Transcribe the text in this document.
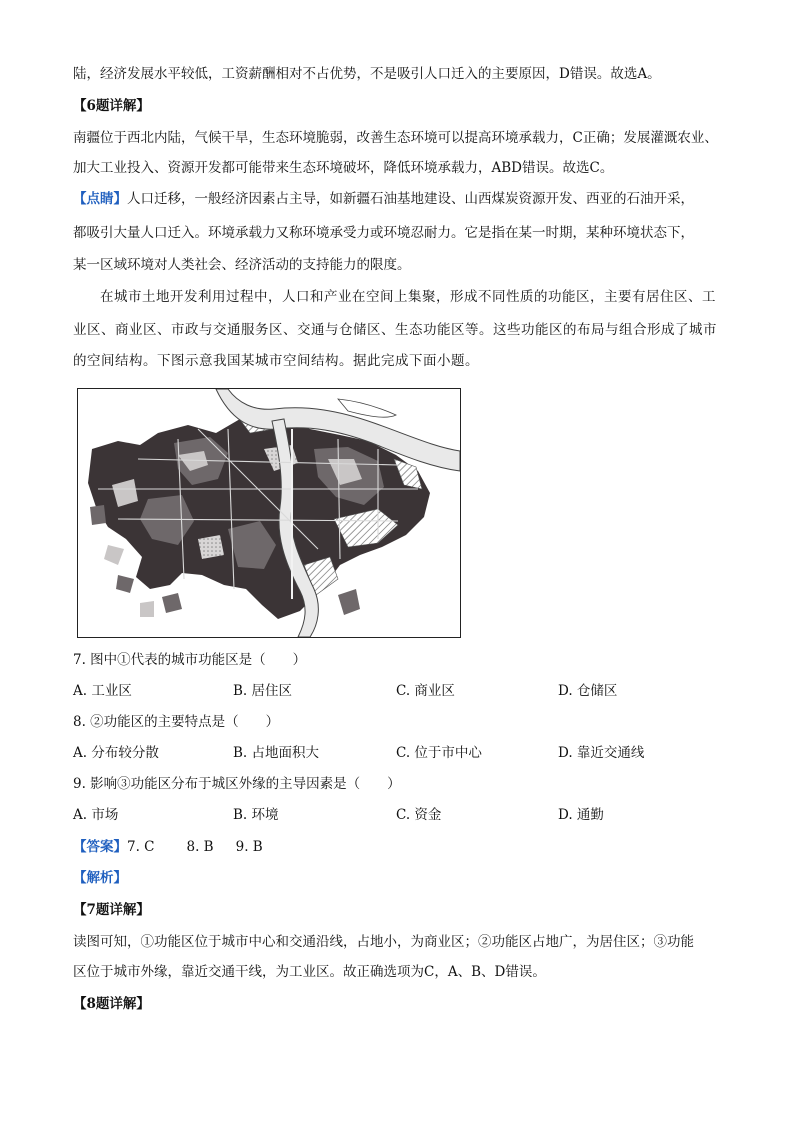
陆，经济发展水平较低，工资薪酬相对不占优势，不是吸引人口迁入的主要原因，D错误。故选A。
【6题详解】
南疆位于西北内陆，气候干旱，生态环境脆弱，改善生态环境可以提高环境承载力，C正确；发展灌溉农业、
加大工业投入、资源开发都可能带来生态环境破坏，降低环境承载力，ABD错误。故选C。
【点睛】人口迁移，一般经济因素占主导，如新疆石油基地建设、山西煤炭资源开发、西亚的石油开采，
都吸引大量人口迁入。环境承载力又称环境承受力或环境忍耐力。它是指在某一时期，某种环境状态下，
某一区域环境对人类社会、经济活动的支持能力的限度。
在城市土地开发利用过程中，人口和产业在空间上集聚，形成不同性质的功能区，主要有居住区、工
业区、商业区、市政与交通服务区、交通与仓储区、生态功能区等。这些功能区的布局与组合形成了城市
的空间结构。下图示意我国某城市空间结构。据此完成下面小题。
7. 图中①代表的城市功能区是（　　）
A. 工业区	B. 居住区	C. 商业区	D. 仓储区
8. ②功能区的主要特点是（　　）
A. 分布较分散	B. 占地面积大	C. 位于市中心	D. 靠近交通线
9. 影响③功能区分布于城区外缘的主导因素是（　　）
A. 市场	B. 环境	C. 资金	D. 通勤
【答案】7. C 8. B 9. B
【解析】
【7题详解】
读图可知，①功能区位于城市中心和交通沿线，占地小，为商业区；②功能区占地广，为居住区；③功能
区位于城市外缘，靠近交通干线，为工业区。故正确选项为C，A、B、D错误。
【8题详解】
